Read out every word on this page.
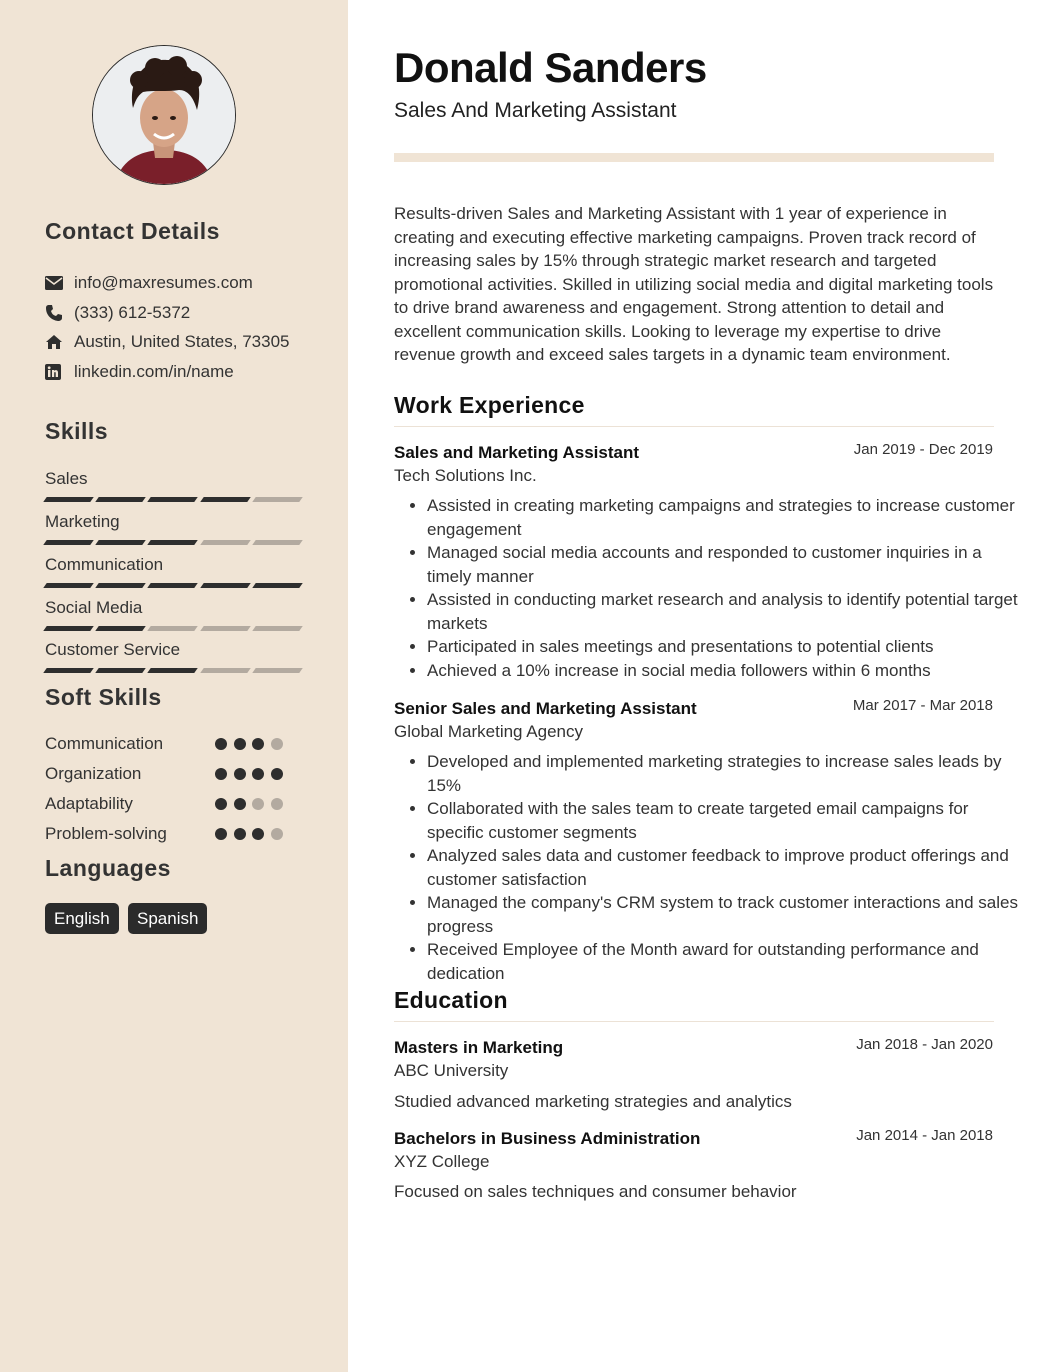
Contact Details
info@maxresumes.com
(333) 612-5372
Austin, United States, 73305
linkedin.com/in/name
Skills
Sales
Marketing
Communication
Social Media
Customer Service
Soft Skills
Communication
Organization
Adaptability
Problem-solving
Languages
English	Spanish
Donald Sanders
Sales And Marketing Assistant

Results-driven Sales and Marketing Assistant with 1 year of experience in creating and executing effective marketing campaigns. Proven track record of increasing sales by 15% through strategic market research and targeted promotional activities. Skilled in utilizing social media and digital marketing tools to drive brand awareness and engagement. Strong attention to detail and excellent communication skills. Looking to leverage my expertise to drive revenue growth and exceed sales targets in a dynamic team environment.

Work Experience
Sales and Marketing Assistant	Jan 2019 - Dec 2019
Tech Solutions Inc.
• Assisted in creating marketing campaigns and strategies to increase customer engagement
• Managed social media accounts and responded to customer inquiries in a timely manner
• Assisted in conducting market research and analysis to identify potential target markets
• Participated in sales meetings and presentations to potential clients
• Achieved a 10% increase in social media followers within 6 months
Senior Sales and Marketing Assistant	Mar 2017 - Mar 2018
Global Marketing Agency
• Developed and implemented marketing strategies to increase sales leads by 15%
• Collaborated with the sales team to create targeted email campaigns for specific customer segments
• Analyzed sales data and customer feedback to improve product offerings and customer satisfaction
• Managed the company's CRM system to track customer interactions and sales progress
• Received Employee of the Month award for outstanding performance and dedication
Education
Masters in Marketing	Jan 2018 - Jan 2020
ABC University
Studied advanced marketing strategies and analytics
Bachelors in Business Administration	Jan 2014 - Jan 2018
XYZ College
Focused on sales techniques and consumer behavior
